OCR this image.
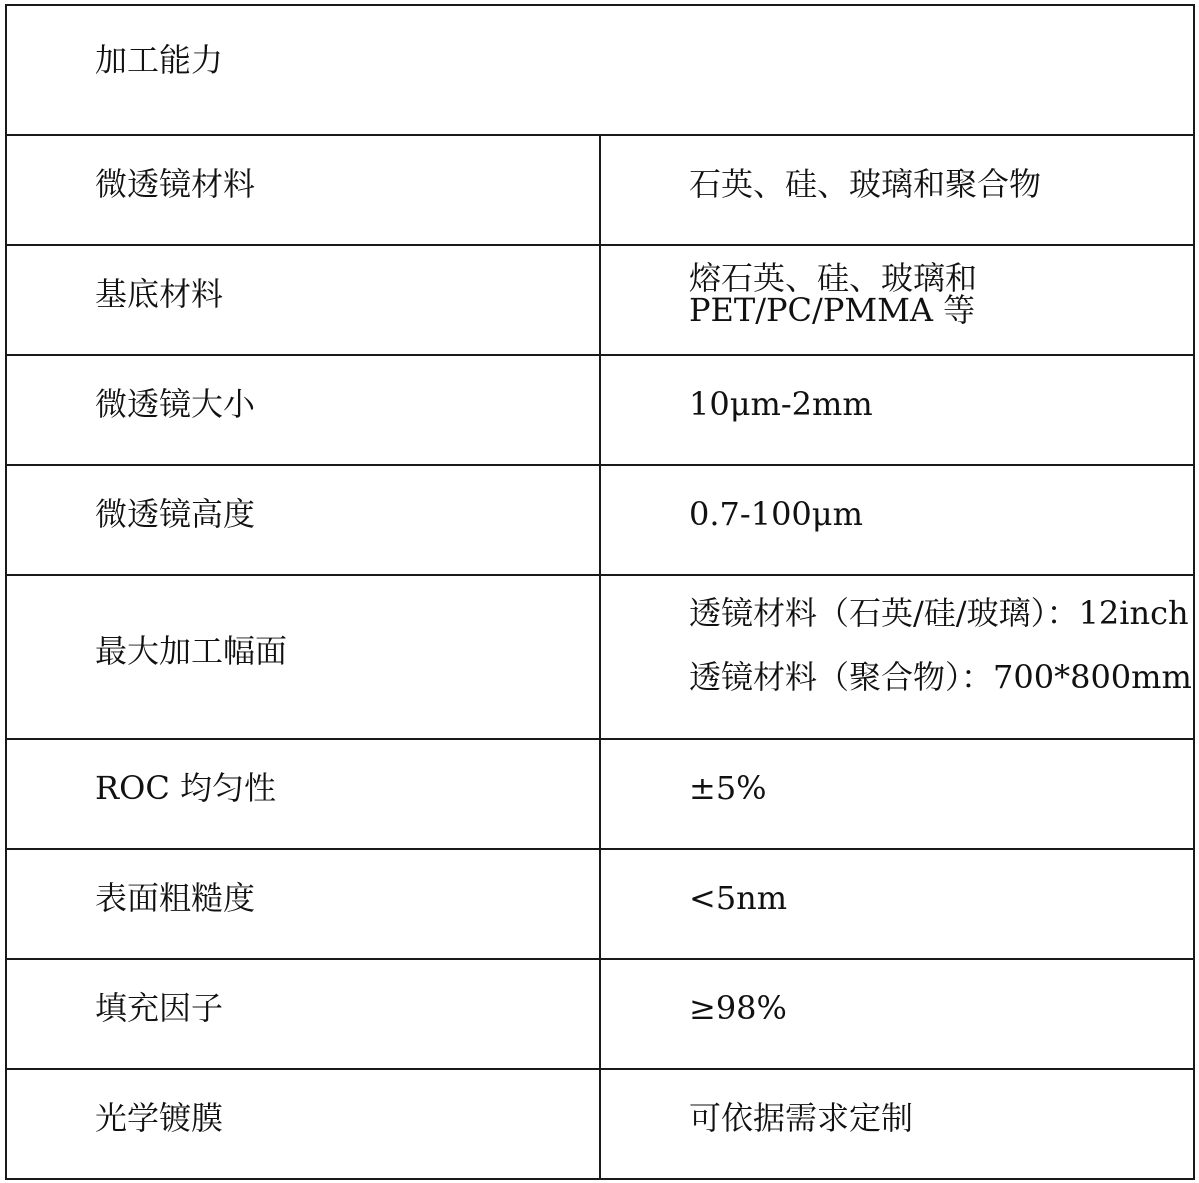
加工能力	

微透镜材料	石英、硅、玻璃和聚合物

基底材料	熔石英、硅、玻璃和 PET/PC/PMMA 等

微透镜大小	10μm-2mm

微透镜高度	0.7-100μm

最大加工幅面	透镜材料（石英/硅/玻璃）：12inch
透镜材料（聚合物）：700*800mm

ROC 均匀性	±5%

表面粗糙度	<5nm

填充因子	≥98%

光学镀膜	可依据需求定制
